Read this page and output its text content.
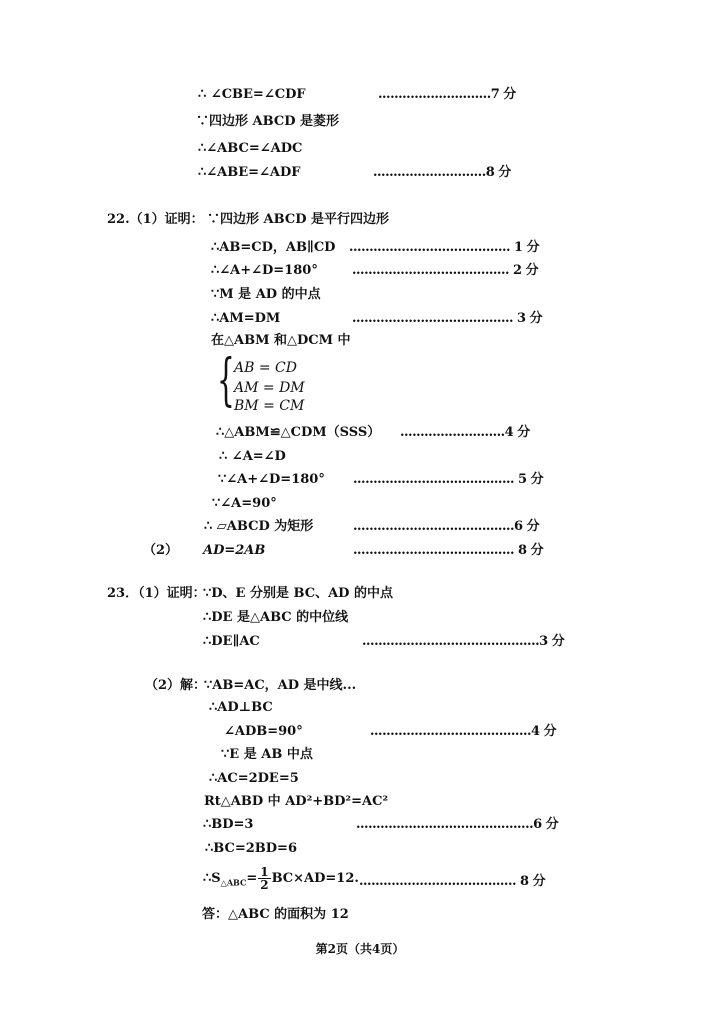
∴ ∠CBE=∠CDF	............................7 分
∵四边形 ABCD 是菱形
∴∠ABC=∠ADC
∴∠ABE=∠ADF	............................8 分
22.（1）证明： ∵四边形 ABCD 是平行四边形
∴AB=CD，AB∥CD ........................................ 1 分
∴∠A+∠D=180°	....................................... 2 分
∵M 是 AD 的中点
∴AM=DM	........................................ 3 分
在△ABM 和△DCM 中
{ AB = CD
AM = DM
BM = CM
∴△ABM≌△CDM（SSS） ..........................4 分
∴ ∠A=∠D
∵∠A+∠D=180° ........................................ 5 分
∵∠A=90°
∴ ▱ABCD 为矩形	........................................6 分
（2） AD=2AB	........................................ 8 分
23．（1）证明：
∵D、E 分别是 BC、AD 的中点
∴DE 是△ABC 的中位线
∴DE∥AC	............................................3 分
（2）解：
∵AB=AC，AD 是中线...
∴AD⊥BC
∠ADB=90°	........................................4 分
∵E 是 AB 中点
∴AC=2DE=5
Rt△ABD 中 AD²+BD²=AC²
∴BD=3	............................................6 分
∴BC=2BD=6
$\therefore S_{\triangle ABC}= \frac{1}{2} BC\times AD=12$. ....................................... 8 分
答：△ABC 的面积为 12
第2页（共4页）
